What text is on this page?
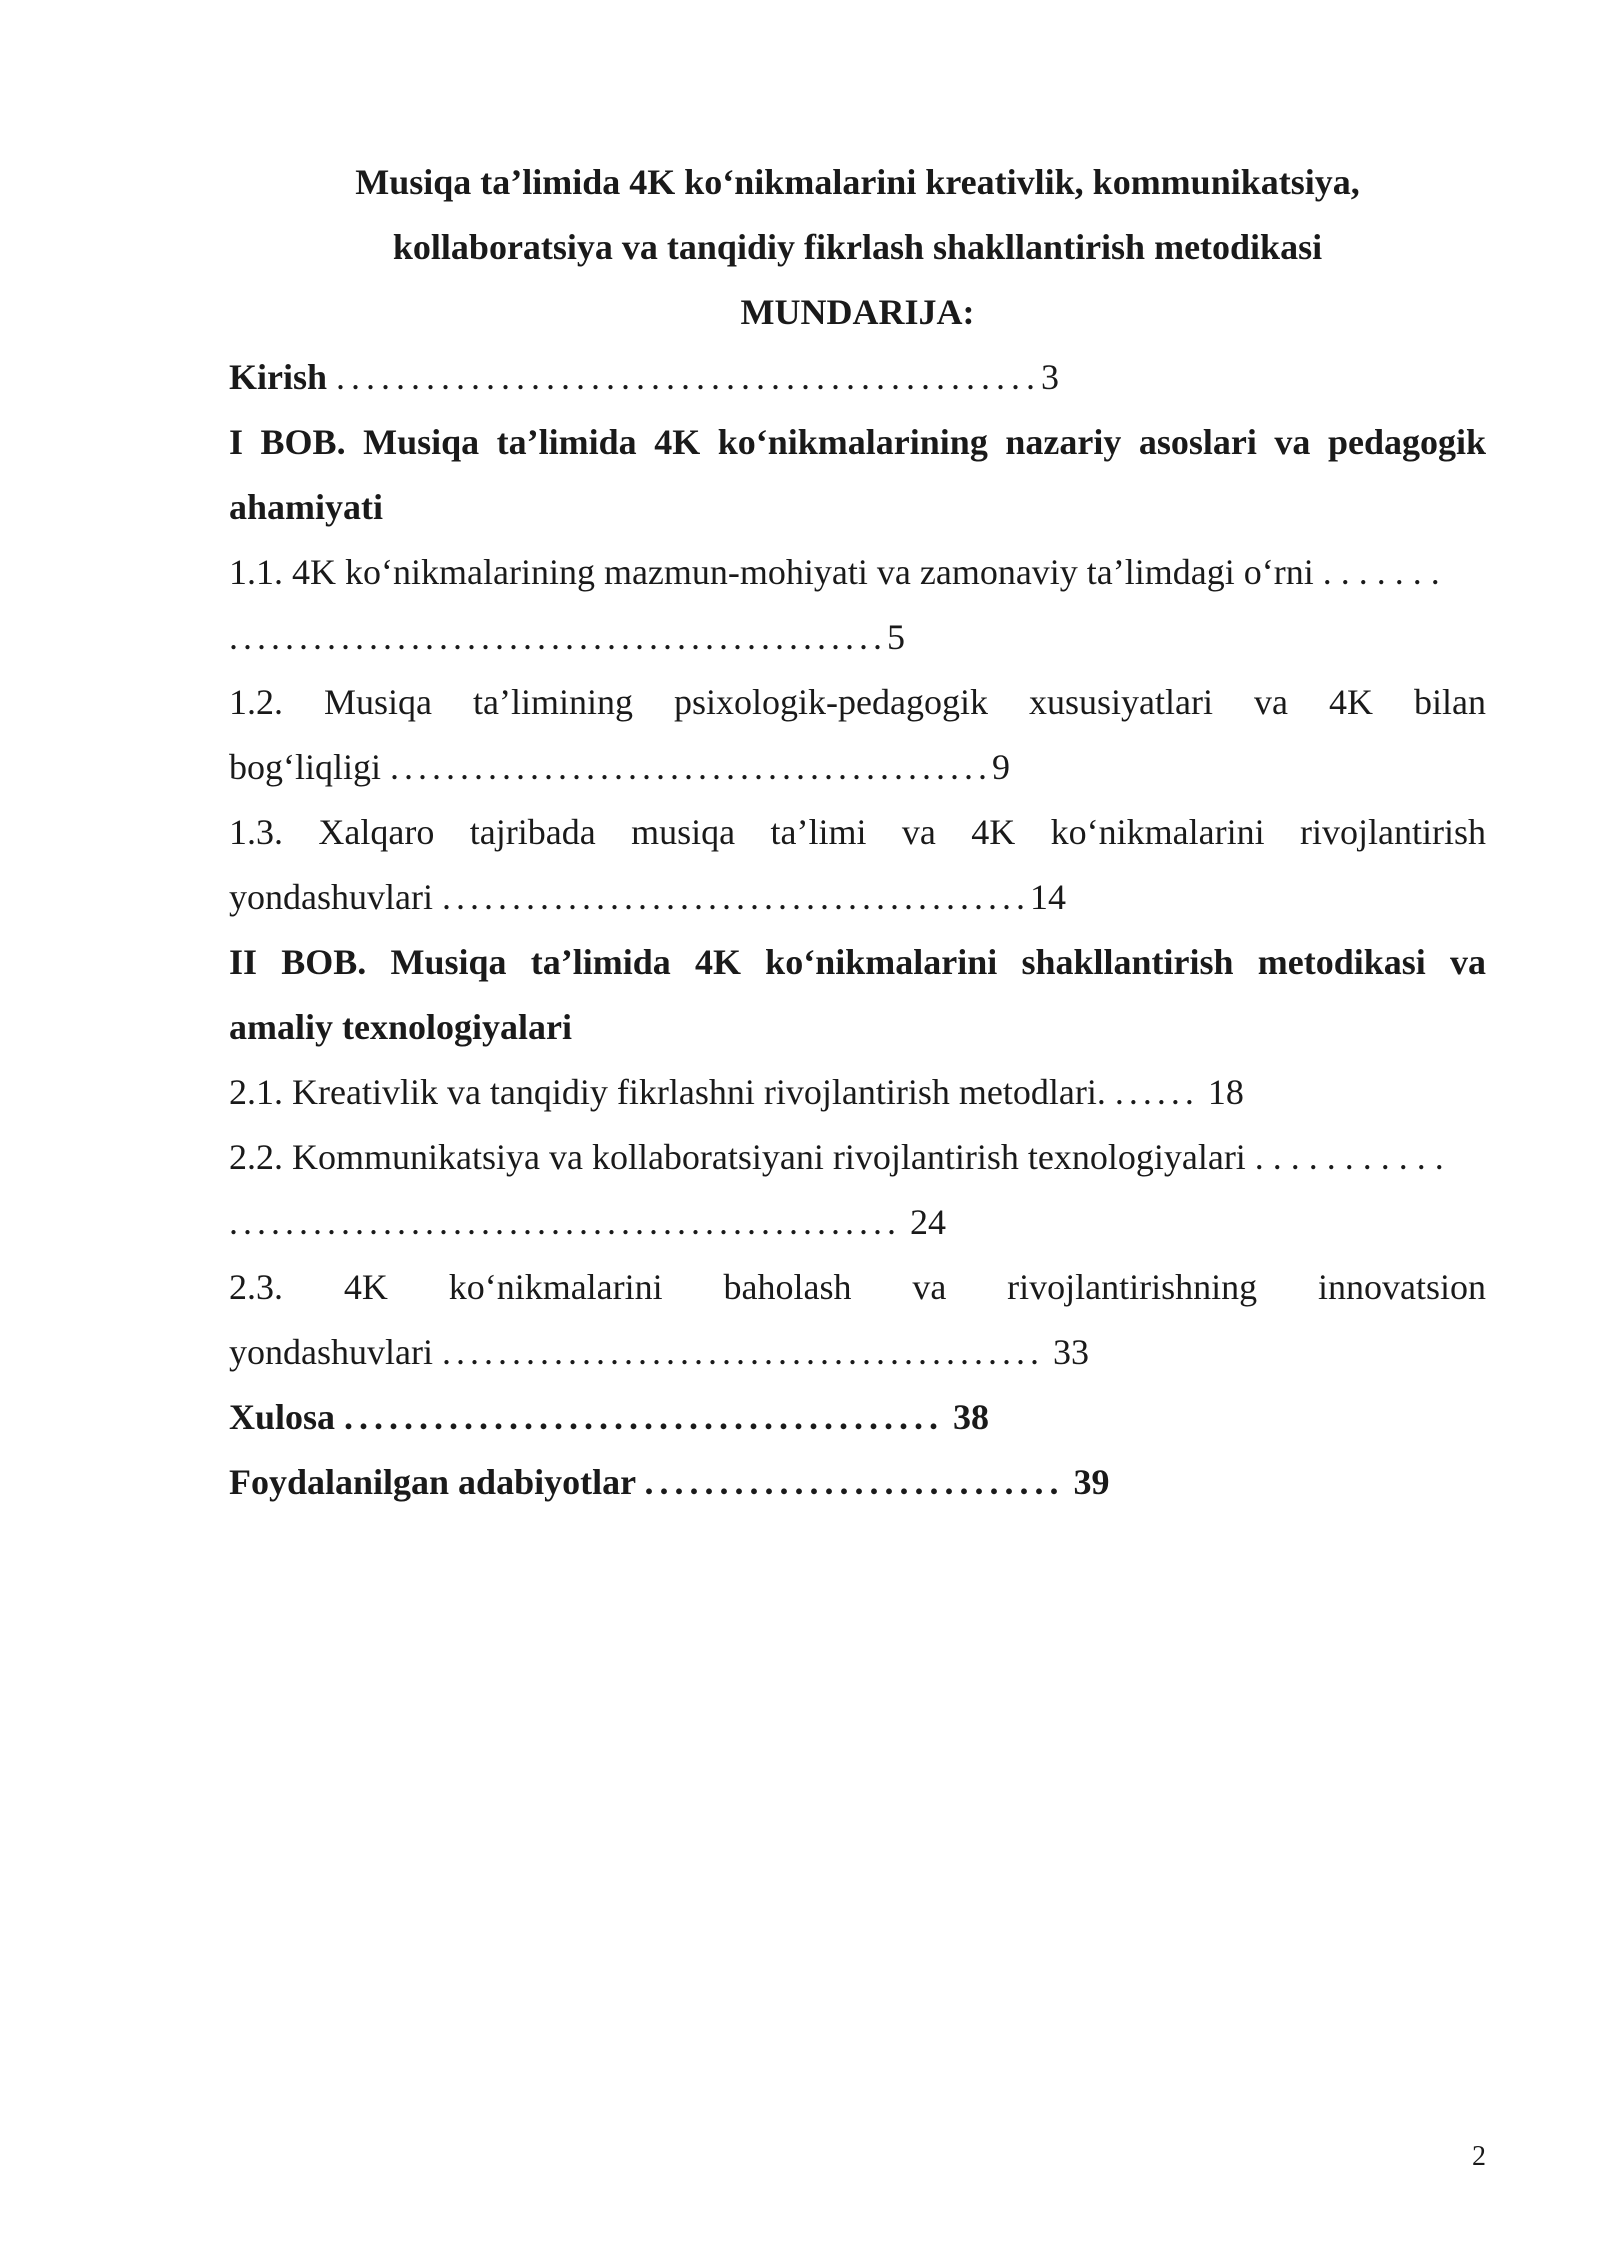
Musiqa ta’limida 4K ko‘nikmalarini kreativlik, kommunikatsiya,

kollaboratsiya va tanqidiy fikrlash shakllantirish metodikasi

MUNDARIJA:

Kirish ...............................................3

I BOB. Musiqa ta’limida 4K ko‘nikmalarining nazariy asoslari va pedagogik

ahamiyati

1.1. 4K ko‘nikmalarining mazmun-mohiyati va zamonaviy ta’limdagi o‘rni . . . . . . .

...............................................5

1.2. Musiqa ta’limining psixologik-pedagogik xususiyatlari va 4K bilan

bog‘liqligi ...........................................9

1.3. Xalqaro tajribada musiqa ta’limi va 4K ko‘nikmalarini rivojlantirish

yondashuvlari ..........................................14

II BOB. Musiqa ta’limida 4K ko‘nikmalarini shakllantirish metodikasi va

amaliy texnologiyalari

2.1. Kreativlik va tanqidiy fikrlashni rivojlantirish metodlari. ...... 18

2.2. Kommunikatsiya va kollaboratsiyani rivojlantirish texnologiyalari . . . . . . . . . . .

................................................ 24

2.3. 4K ko‘nikmalarini baholash va rivojlantirishning innovatsion

yondashuvlari ........................................... 33

Xulosa ........................................ 38

Foydalanilgan adabiyotlar ............................ 39

2
